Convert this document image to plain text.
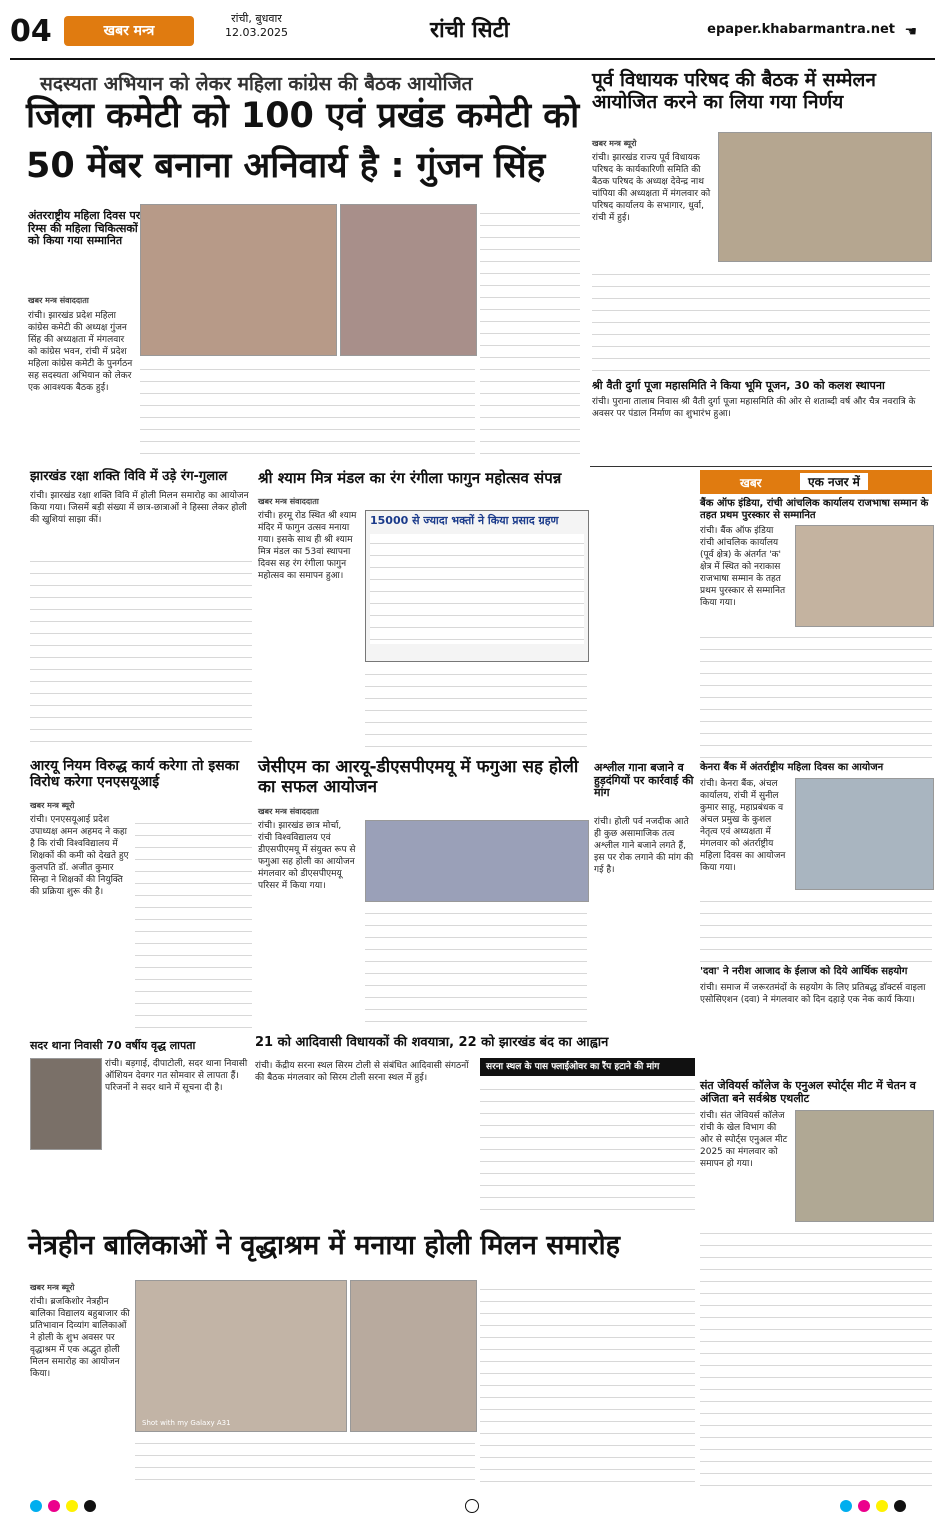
04	खबर मन्त्र
रांची, बुधवार
12.03.2025	रांची सिटी	epaper.khabarmantra.net ☚
सदस्यता अभियान को लेकर महिला कांग्रेस की बैठक आयोजित
जिला कमेटी को 100 एवं प्रखंड कमेटी को
50 मेंबर बनाना अनिवार्य है : गुंजन सिंह
अंतरराष्ट्रीय महिला दिवस पर रिम्स की महिला चिकित्सकों को किया गया सम्मानित
खबर मन्त्र संवाददाता
रांची। झारखंड प्रदेश महिला कांग्रेस कमेटी की अध्यक्ष गुंजन सिंह की अध्यक्षता में मंगलवार को कांग्रेस भवन, रांची में प्रदेश महिला कांग्रेस कमेटी के पुनर्गठन सह सदस्यता अभियान को लेकर एक आवश्यक बैठक हुई।
पूर्व विधायक परिषद की बैठक में सम्मेलन आयोजित करने का लिया गया निर्णय
खबर मन्त्र ब्यूरो
रांची। झारखंड राज्य पूर्व विधायक परिषद के कार्यकारिणी समिति की बैठक परिषद के अध्यक्ष देवेन्द्र नाथ चांपिया की अध्यक्षता में मंगलवार को परिषद कार्यालय के सभागार, धुर्वा, रांची में हुई।
श्री वैती दुर्गा पूजा महासमिति ने किया भूमि पूजन, 30 को कलश स्थापना
रांची। पुराना तालाब निवास श्री वैती दुर्गा पूजा महासमिति की ओर से शताब्दी वर्ष और चैत्र नवरात्रि के अवसर पर पंडाल निर्माण का शुभारंभ हुआ।
झारखंड रक्षा शक्ति विवि में उड़े रंग-गुलाल
रांची। झारखंड रक्षा शक्ति विवि में होली मिलन समारोह का आयोजन किया गया। जिसमें बड़ी संख्या में छात्र-छात्राओं ने हिस्सा लेकर होली की खुशियां साझा कीं।
श्री श्याम मित्र मंडल का रंग रंगीला फागुन महोत्सव संपन्न
खबर मन्त्र संवाददाता
रांची। हरमू रोड स्थित श्री श्याम मंदिर में फागुन उत्सव मनाया गया। इसके साथ ही श्री श्याम मित्र मंडल का 53वां स्थापना दिवस सह रंग रंगीला फागुन महोत्सव का समापन हुआ।
15000 से ज्यादा भक्तों ने किया प्रसाद ग्रहण
खबर	एक नजर में
बैंक ऑफ इंडिया, रांची आंचलिक कार्यालय राजभाषा सम्मान के तहत प्रथम पुरस्कार से सम्मानित
रांची। बैंक ऑफ इंडिया रांची आंचलिक कार्यालय (पूर्व क्षेत्र) के अंतर्गत 'क' क्षेत्र में स्थित को नराकास राजभाषा सम्मान के तहत प्रथम पुरस्कार से सम्मानित किया गया।
केनरा बैंक में अंतर्राष्ट्रीय महिला दिवस का आयोजन
रांची। केनरा बैंक, अंचल कार्यालय, रांची में सुनील कुमार साहू, महाप्रबंधक व अंचल प्रमुख के कुशल नेतृत्व एवं अध्यक्षता में मंगलवार को अंतर्राष्ट्रीय महिला दिवस का आयोजन किया गया।
'दवा' ने नरीश आजाद के ईलाज को दिये आर्थिक सहयोग
रांची। समाज में जरूरतमंदों के सहयोग के लिए प्रतिबद्ध डॉक्टर्स वाइला एसोसिएशन (दवा) ने मंगलवार को दिन दहाड़े एक नेक कार्य किया।
आरयू नियम विरुद्ध कार्य करेगा तो इसका विरोध करेगा एनएसयूआई
खबर मन्त्र ब्यूरो
रांची। एनएसयूआई प्रदेश उपाध्यक्ष अमन अहमद ने कहा है कि रांची विश्वविद्यालय में शिक्षकों की कमी को देखते हुए कुलपति डॉ. अजीत कुमार सिन्हा ने शिक्षकों की नियुक्ति की प्रक्रिया शुरू की है।
जेसीएम का आरयू-डीएसपीएमयू में फगुआ सह होली का सफल आयोजन
खबर मन्त्र संवाददाता
रांची। झारखंड छात्र मोर्चा, रांची विश्वविद्यालय एवं डीएसपीएमयू में संयुक्त रूप से फगुआ सह होली का आयोजन मंगलवार को डीएसपीएमयू परिसर में किया गया।
अश्लील गाना बजाने व हुड़दंगियों पर कार्रवाई की मांग
रांची। होली पर्व नजदीक आते ही कुछ असामाजिक तत्व अश्लील गाने बजाने लगते हैं, इस पर रोक लगाने की मांग की गई है।
21 को आदिवासी विधायकों की शवयात्रा, 22 को झारखंड बंद का आह्वान
सरना स्थल के पास फ्लाईओवर का रैंप हटाने की मांग
रांची। केंद्रीय सरना स्थल सिरम टोली से संबंधित आदिवासी संगठनों की बैठक मंगलवार को सिरम टोली सरना स्थल में हुई।
सदर थाना निवासी 70 वर्षीय वृद्ध लापता
रांची। बड़गाई, दीपाटोली, सदर थाना निवासी ऑशियन देवगर गत सोमवार से लापता हैं। परिजनों ने सदर थाने में सूचना दी है।	संत जेवियर्स कॉलेज के एनुअल स्पोर्ट्स मीट में चेतन व अंजिता बने सर्वश्रेष्ठ एथलीट
रांची। संत जेवियर्स कॉलेज रांची के खेल विभाग की ओर से स्पोर्ट्स एनुअल मीट 2025 का मंगलवार को समापन हो गया।
नेत्रहीन बालिकाओं ने वृद्धाश्रम में मनाया होली मिलन समारोह
खबर मन्त्र ब्यूरो
रांची। ब्रजकिशोर नेत्रहीन बालिका विद्यालय बहुबाजार की प्रतिभावान दिव्यांग बालिकाओं ने होली के शुभ अवसर पर वृद्धाश्रम में एक अद्भुत होली मिलन समारोह का आयोजन किया।
Shot with my Galaxy A31
